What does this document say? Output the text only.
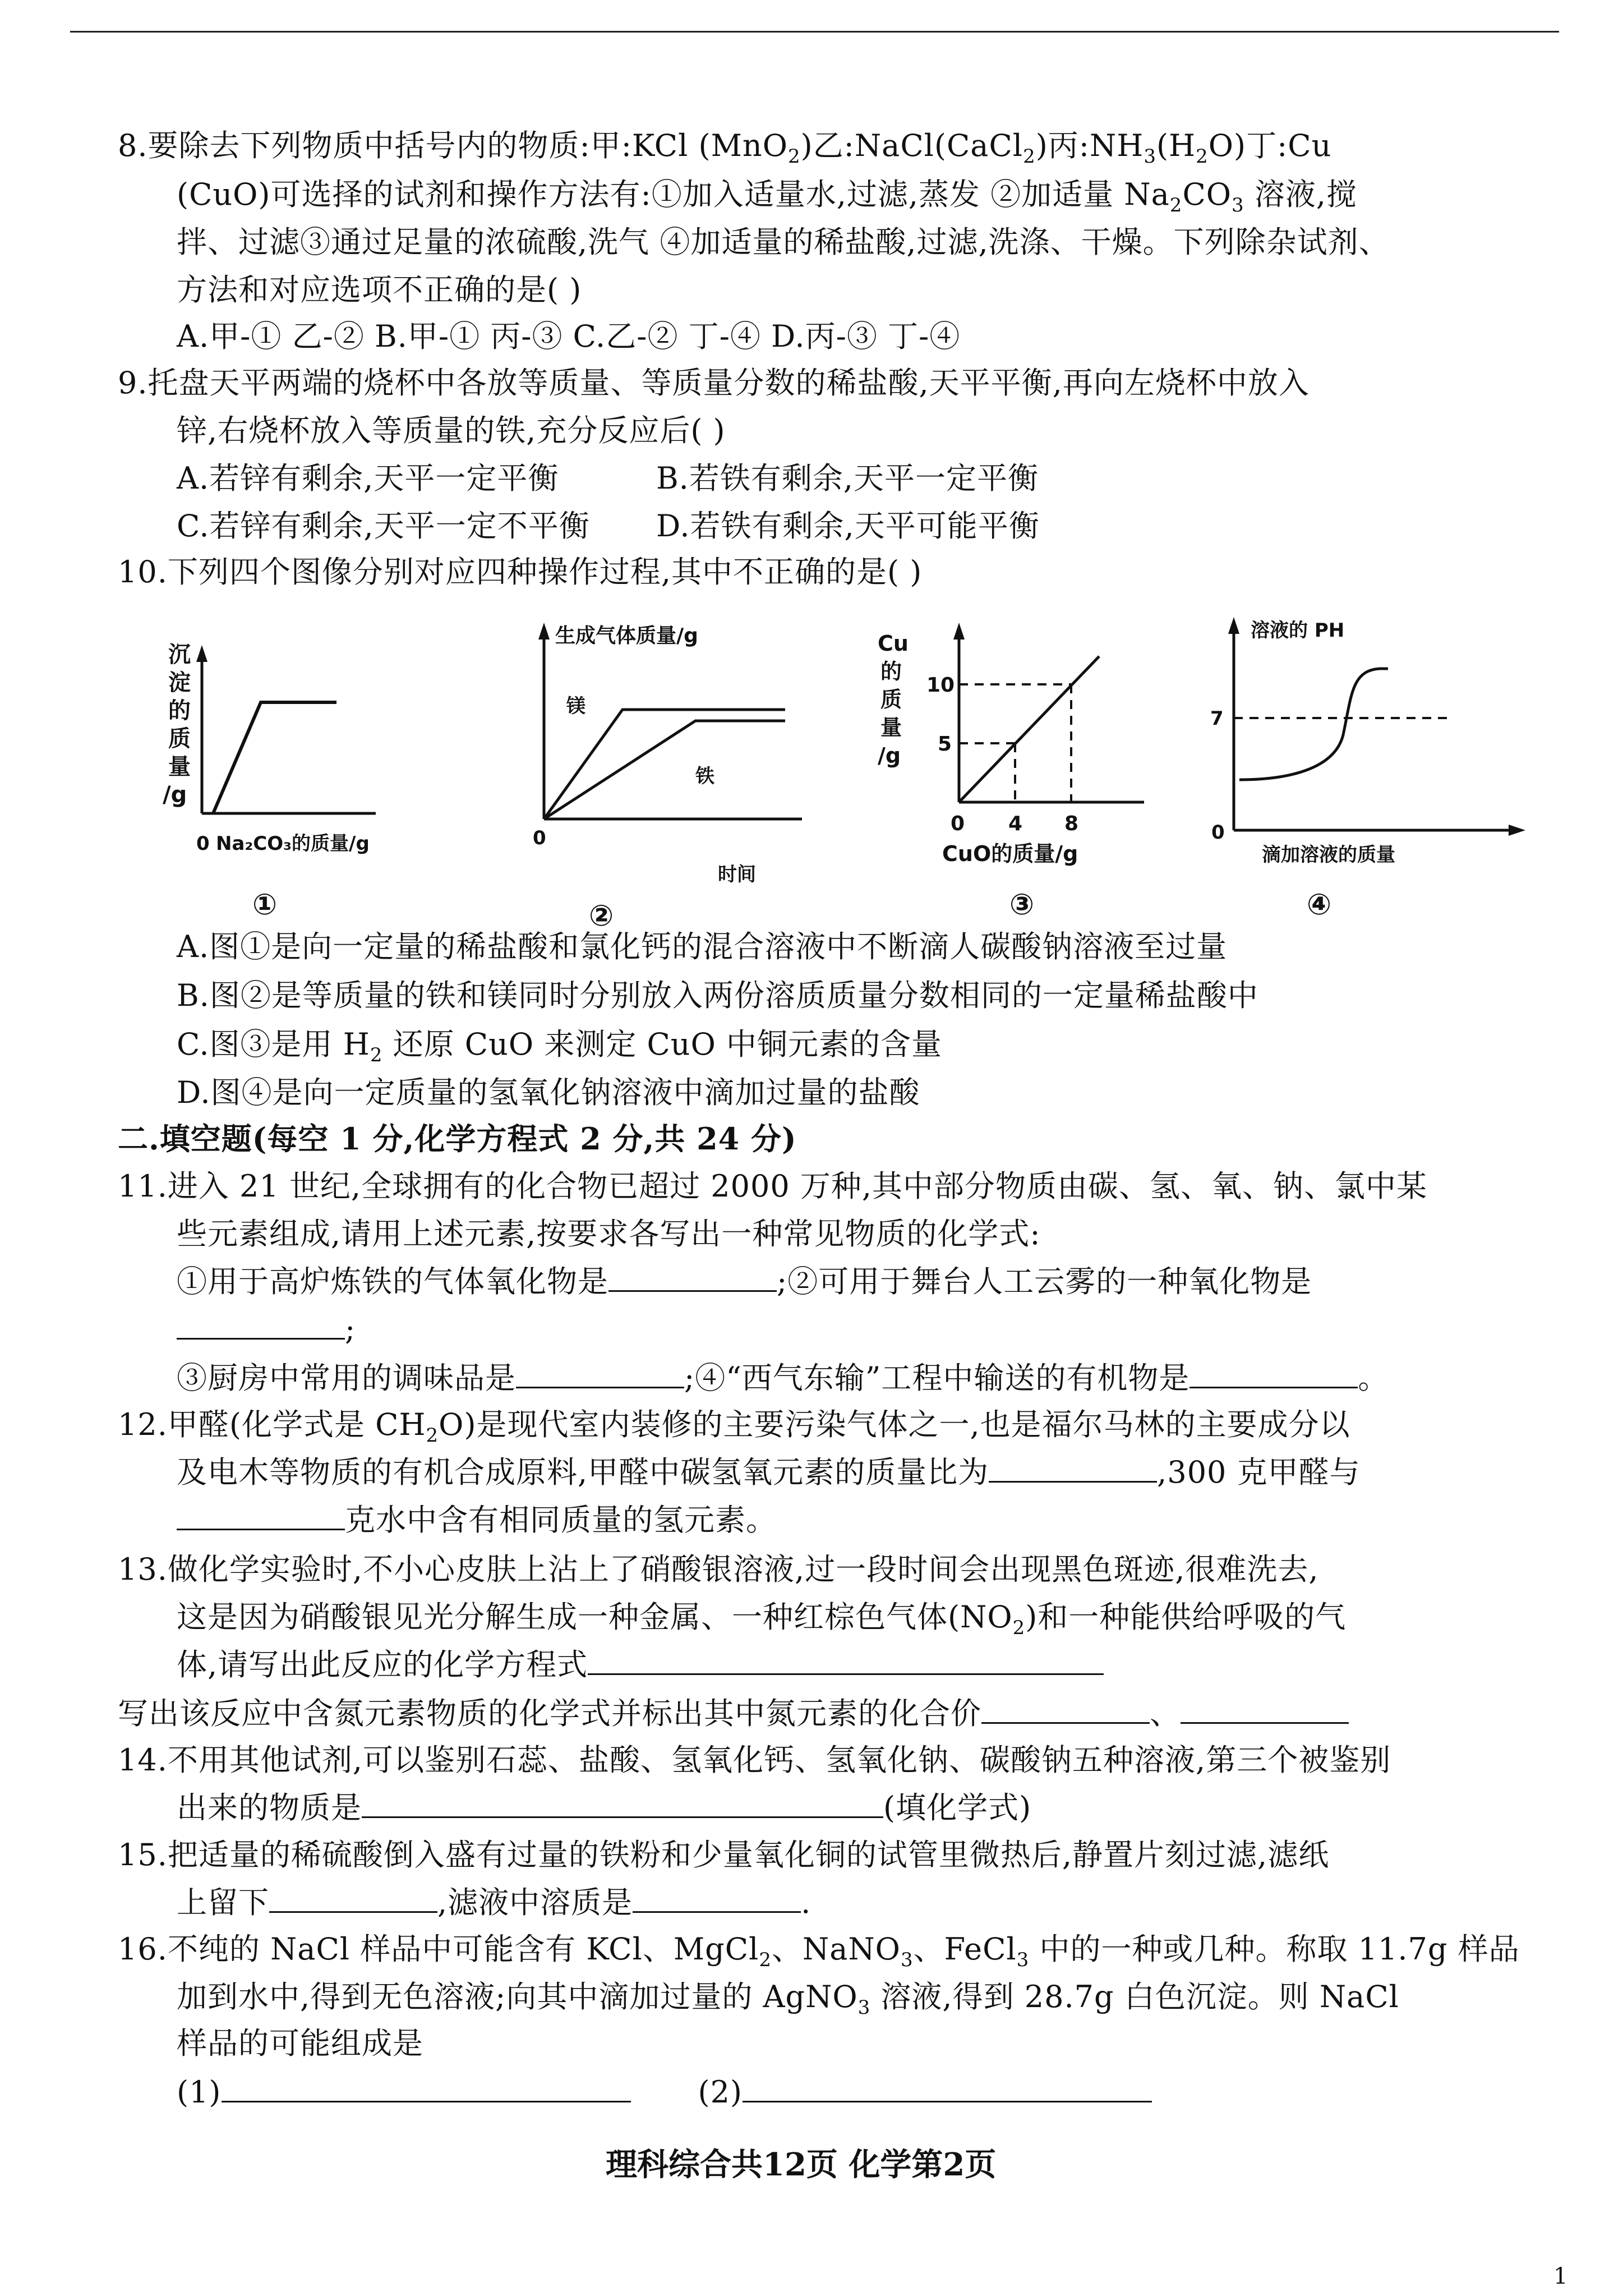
8.要除去下列物质中括号内的物质:甲:KCl (MnO$_2$)乙:NaCl(CaCl$_2$)丙$:NH_3(H_2O)$丁:Cu
(CuO)可选择的试剂和操作方法有:①加入适量水,过滤,蒸发 ②加适量 $Na_2CO_3$ 溶液,搅
拌、过滤③通过足量的浓硫酸,洗气 ④加适量的稀盐酸,过滤,洗涤、干燥。下列除杂试剂、
方法和对应选项不正确的是( )
A.甲-① 乙-② B.甲-① 丙-③ C.乙-② 丁-④ D.丙-③ 丁-④
9.托盘天平两端的烧杯中各放等质量、等质量分数的稀盐酸,天平平衡,再向左烧杯中放入
锌,右烧杯放入等质量的铁,充分反应后( )
A.若锌有剩余,天平一定平衡	B.若铁有剩余,天平一定平衡
C.若锌有剩余,天平一定不平衡 D.若铁有剩余,天平可能平衡
10.下列四个图像分别对应四种操作过程,其中不正确的是( )
沉
淀
的
质
量
/g
0 Na₂CO₃的质量/g
①
生成气体质量/g
镁
铁
0
时间
②
Cu
的
质
量
/g
10
5
0 4 8
CuO的质量/g
③
溶液的 PH
7
0
滴加溶液的质量
④
A.图①是向一定量的稀盐酸和氯化钙的混合溶液中不断滴人碳酸钠溶液至过量
B.图②是等质量的铁和镁同时分别放入两份溶质质量分数相同的一定量稀盐酸中
C.图③是用 $H_2$ 还原 CuO 来测定 CuO 中铜元素的含量
D.图④是向一定质量的氢氧化钠溶液中滴加过量的盐酸
二.填空题(每空 1 分,化学方程式 2 分,共 24 分)
11.进入 21 世纪,全球拥有的化合物已超过 2000 万种,其中部分物质由碳、氢、氧、钠、氯中某
些元素组成,请用上述元素,按要求各写出一种常见物质的化学式:
①用于高炉炼铁的气体氧化物是	;②可用于舞台人工云雾的一种氧化物是
;
③厨房中常用的调味品是	;④“西气东输”工程中输送的有机物是	。
12.甲醛(化学式是 $CH_2O$)是现代室内装修的主要污染气体之一,也是福尔马林的主要成分以
及电木等物质的有机合成原料,甲醛中碳氢氧元素的质量比为	,300 克甲醛与
克水中含有相同质量的氢元素。
13.做化学实验时,不小心皮肤上沾上了硝酸银溶液,过一段时间会出现黑色斑迹,很难洗去,
这是因为硝酸银见光分解生成一种金属、一种红棕色气体$(NO_2)$和一种能供给呼吸的气
体,请写出此反应的化学方程式
写出该反应中含氮元素物质的化学式并标出其中氮元素的化合价	、
14.不用其他试剂,可以鉴别石蕊、盐酸、氢氧化钙、氢氧化钠、碳酸钠五种溶液,第三个被鉴别
出来的物质是	(填化学式)
15.把适量的稀硫酸倒入盛有过量的铁粉和少量氧化铜的试管里微热后,静置片刻过滤,滤纸
上留下	,滤液中溶质是	.
16.不纯的 NaCl 样品中可能含有 KCl、MgCl$_2$、NaNO$_3$、FeCl$_3$ 中的一种或几种。称取 11.7g 样品
加到水中,得到无色溶液;向其中滴加过量的 AgNO$_3$ 溶液,得到 28.7g 白色沉淀。则 NaCl
样品的可能组成是
(1)	(2)
理科综合共12页 化学第2页
1
